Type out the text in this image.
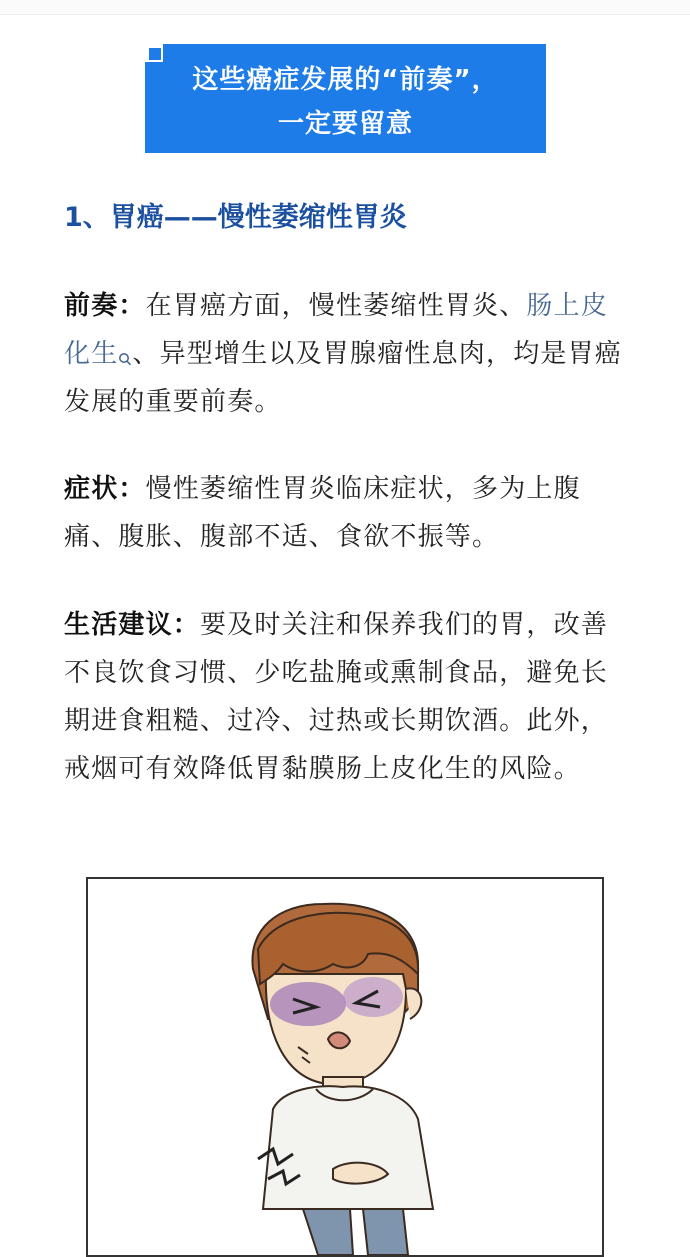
这些癌症发展的“前奏”，
一定要留意
1、胃癌——慢性萎缩性胃炎

前奏：在胃癌方面，慢性萎缩性胃炎、肠上皮化生 、异型增生以及胃腺瘤性息肉，均是胃癌发展的重要前奏。

症状：慢性萎缩性胃炎临床症状，多为上腹痛、腹胀、腹部不适、食欲不振等。

生活建议：要及时关注和保养我们的胃，改善不良饮食习惯、少吃盐腌或熏制食品，避免长期进食粗糙、过冷、过热或长期饮酒。此外，戒烟可有效降低胃黏膜肠上皮化生的风险。
